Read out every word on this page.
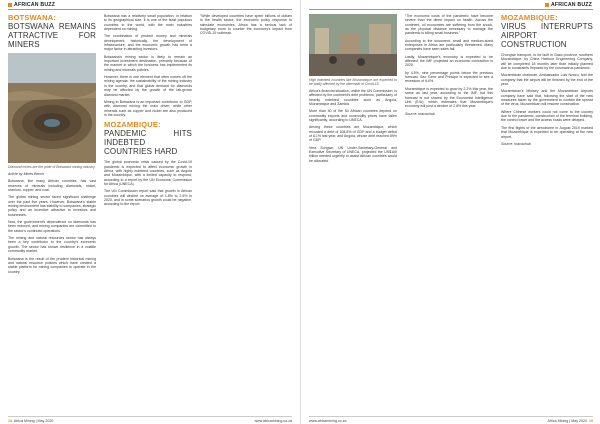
AFRICAN BUZZ
BOTSWANA:
BOTSWANA REMAINS ATTRACTIVE FOR MINERS
Diamond mines are the pride of Botswana mining industry.

Article by Mines Bench

Botswana, like many African countries, has vast reserves of minerals including diamonds, nickel, uranium, copper, and coal.

The global mining sector faced significant challenge over the past five years. However, Botswana's stable mining environment has stability to companies, strategic policy and an incentive attractive to investors and businesses.

Now, the government's dependence on diamonds has been reduced, and mining companies are committed to the sector's continued operations.

The mining and natural resources sector has always been a key contributor to the country's economic growth. The sector has shown resilience in a volatile commodity market.

Botswana is the result of the prudent historical mining and natural resource policies which have created a stable platform for mining companies to operate in the country.

Botswana has a relatively small population, in relation to its geographical size. It is one of the least populous countries in the world, with the main industries dependent on mining.

The combination of prudent money and minerals development, historically, the development of infrastructure, and the economic growth has been a major factor in attracting investors.

Botswana's mining sector is likely to remain an important investment destination, primarily because of the manner in which the business has implemented its mining and minerals policies.

However, there is one element that often comes off the mining agenda: the sustainability of the mining industry in the country, and that global demand for diamonds may be affected by the growth of the lab-grown diamond market.

Mining in Botswana is an important contributor to GDP, with diamond mining the main driver, while other minerals such as copper and nickel are also produced in the country.

MOZAMBIQUE:
PANDEMIC HITS INDEBTED COUNTRIES HARD

The global economic crisis caused by the Covid-19 pandemic is expected to affect economic growth in Africa, with highly indebted countries, such as Angola and Mozambique, with a limited capacity to respond, according to a report by the UN Economic Commission for Africa (UNECA).

The UN Commission report said that growth in African countries will decline on average of 1.8% to 2.6% in 2020, and in some scenarios growth could be negative, according to the report.

"While developed countries have spent billions of dollars in the health sector, the economic policy response to stimulate economies, Africa has a serious lack of budgetary room to counter the economy's impact from COVID-19 outbreak.

18 Africa Mining | May 2020	www.africamining.co.za
AFRICAN BUZZ
High indebted countries like Mozambique are expected to be badly affected by the aftermath of Covid-19.

Africa's financial situation, unlike the UN Commission, is affected by the continent's debt problems, particularly of heavily indebted countries such as Angola, Mozambique and Zambia.

More than 40 of the 54 African countries depend on commodity exports and commodity prices have fallen significantly, according to UNECA.

Among these countries are Mozambique, which recorded a debt of 108.8% of GDP and a budget deficit of 6.1% last year, and Angola, whose debt reached 89% of GDP.

Vera Songwe, UN Under-Secretary-General and Executive Secretary of UNECA, projected the US$100 billion needed urgently to assist African countries would be allocated.

"The economic costs of the pandemic have become severe than the direct impact on health. Across the continent, oil economies are suffering from the shock, as the physical distance necessary to manage the pandemic is killing small business."

According to the document, small and medium-sized enterprises in Africa are particularly threatened. Many companies have seen sales fall.

Lastly, Mozambique's economy is expected to be affected; the IMF projected an economic contraction in 2020.

by 4.5%, nine percentage points below the previous forecast. Sao Tome and Principe is expected to see a recession of 6.0%.

Mozambique is expected to grow by 2.2% this year, the same as last year, according to the IMF, but this forecast is not shared by the Economist Intelligence Unit (EIU), which estimates that Mozambique's economy will post a decline of 2.8% this year.

Source: macauhub

MOZAMBIQUE:
VIRUS INTERRUPTS AIRPORT CONSTRUCTION

Chongwe transport, to be built in Gaza province, southern Mozambique, by China Harbour Engineering Company, will be completed 18 months later than initially planned due to constraints imposed by the coronavirus pandemic.

Mozambican chairman, Ambassador Luis Nzucu, told the company that the airport will be finished by the end of the year.

Mozambican's Ministry and the Mozambican Airports company have said that, following the start of the new measures taken by the government to contain the spread of the virus, Mozambican will resume construction.

Where Chinese workers could not come to the country due to the pandemic, construction of the terminal building, the control tower and the access roads were delayed.

The first flights of the aerodrome in August 2019 marked that Mozambique is expected to be operating at the new airport.

Source: macauhub

www.africamining.co.za	Africa Mining | May 2020 19
